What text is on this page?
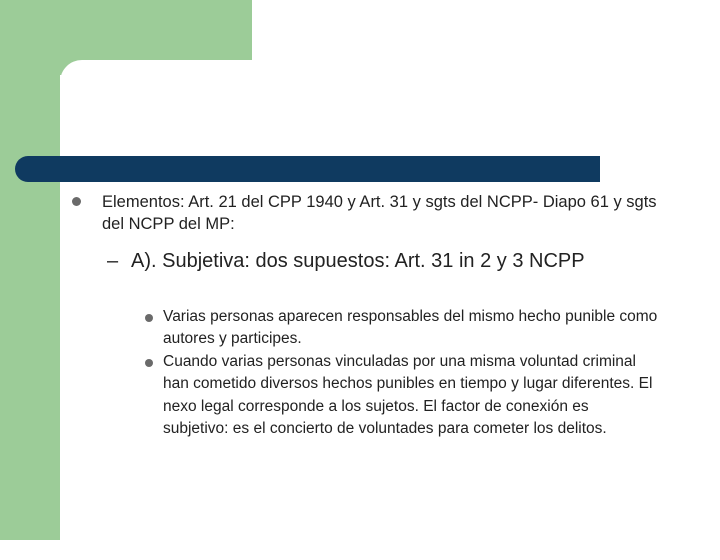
Elementos: Art. 21 del CPP 1940 y Art. 31 y sgts del NCPP- Diapo 61 y sgts del NCPP del MP:
– A). Subjetiva: dos supuestos: Art. 31 in 2 y 3 NCPP
Varias personas aparecen responsables del mismo hecho punible como autores y participes.
Cuando varias personas vinculadas por una misma voluntad criminal han cometido diversos hechos punibles en tiempo y lugar diferentes. El nexo legal corresponde a los sujetos. El factor de conexión es subjetivo: es el concierto de voluntades para cometer los delitos.
